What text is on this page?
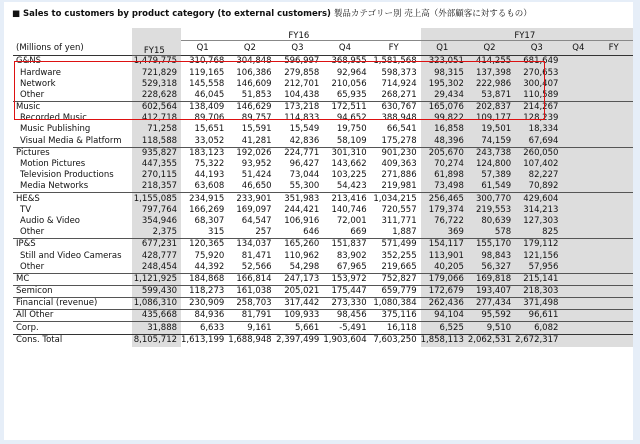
■ Sales to customers by product category (to external customers) 製品カテゴリー別 売上高（外部顧客に対するもの）
	FY15	FY16					FY17				
(Millions of yen)		Q1	Q2	Q3	Q4	FY	Q1	Q2	Q3	Q4	FY
G&NS	1,479,775	310,768	304,848	596,997	368,955	1,581,568	323,051	414,255	681,649		
Hardware	721,829	119,165	106,386	279,858	92,964	598,373	98,315	137,398	270,653		
Network	529,318	145,558	146,609	212,701	210,056	714,924	195,302	222,986	300,407		
Other	228,628	46,045	51,853	104,438	65,935	268,271	29,434	53,871	110,589		
Music	602,564	138,409	146,629	173,218	172,511	630,767	165,076	202,837	214,267		
Recorded Music	412,718	89,706	89,757	114,833	94,652	388,948	99,822	109,177	128,239		
Music Publishing	71,258	15,651	15,591	15,549	19,750	66,541	16,858	19,501	18,334		
Visual Media & Platform	118,588	33,052	41,281	42,836	58,109	175,278	48,396	74,159	67,694		
Pictures	935,827	183,123	192,026	224,771	301,310	901,230	205,670	243,738	260,050		
Motion Pictures	447,355	75,322	93,952	96,427	143,662	409,363	70,274	124,800	107,402		
Television Productions	270,115	44,193	51,424	73,044	103,225	271,886	61,898	57,389	82,227		
Media Networks	218,357	63,608	46,650	55,300	54,423	219,981	73,498	61,549	70,892		
HE&S	1,155,085	234,915	233,901	351,983	213,416	1,034,215	256,465	300,770	429,604		
TV	797,764	166,269	169,097	244,421	140,746	720,557	179,374	219,553	314,213		
Audio & Video	354,946	68,307	64,547	106,916	72,001	311,771	76,722	80,639	127,303		
Other	2,375	315	257	646	669	1,887	369	578	825		
IP&S	677,231	120,365	134,037	165,260	151,837	571,499	154,117	155,170	179,112		
Still and Video Cameras	428,777	75,920	81,471	110,962	83,902	352,255	113,901	98,843	121,156		
Other	248,454	44,392	52,566	54,298	67,965	219,665	40,205	56,327	57,956		
MC	1,121,925	184,868	166,814	247,173	153,972	752,827	179,066	169,818	215,141		
Semicon	599,430	118,273	161,038	205,021	175,447	659,779	172,679	193,407	218,303		
Financial (revenue)	1,086,310	230,909	258,703	317,442	273,330	1,080,384	262,436	277,434	371,498		
All Other	435,668	84,936	81,791	109,933	98,456	375,116	94,104	95,592	96,611		
Corp.	31,888	6,633	9,161	5,661	-5,491	16,118	6,525	9,510	6,082		
Cons. Total	8,105,712	1,613,199	1,688,948	2,397,499	1,903,604	7,603,250	1,858,113	2,062,531	2,672,317		
